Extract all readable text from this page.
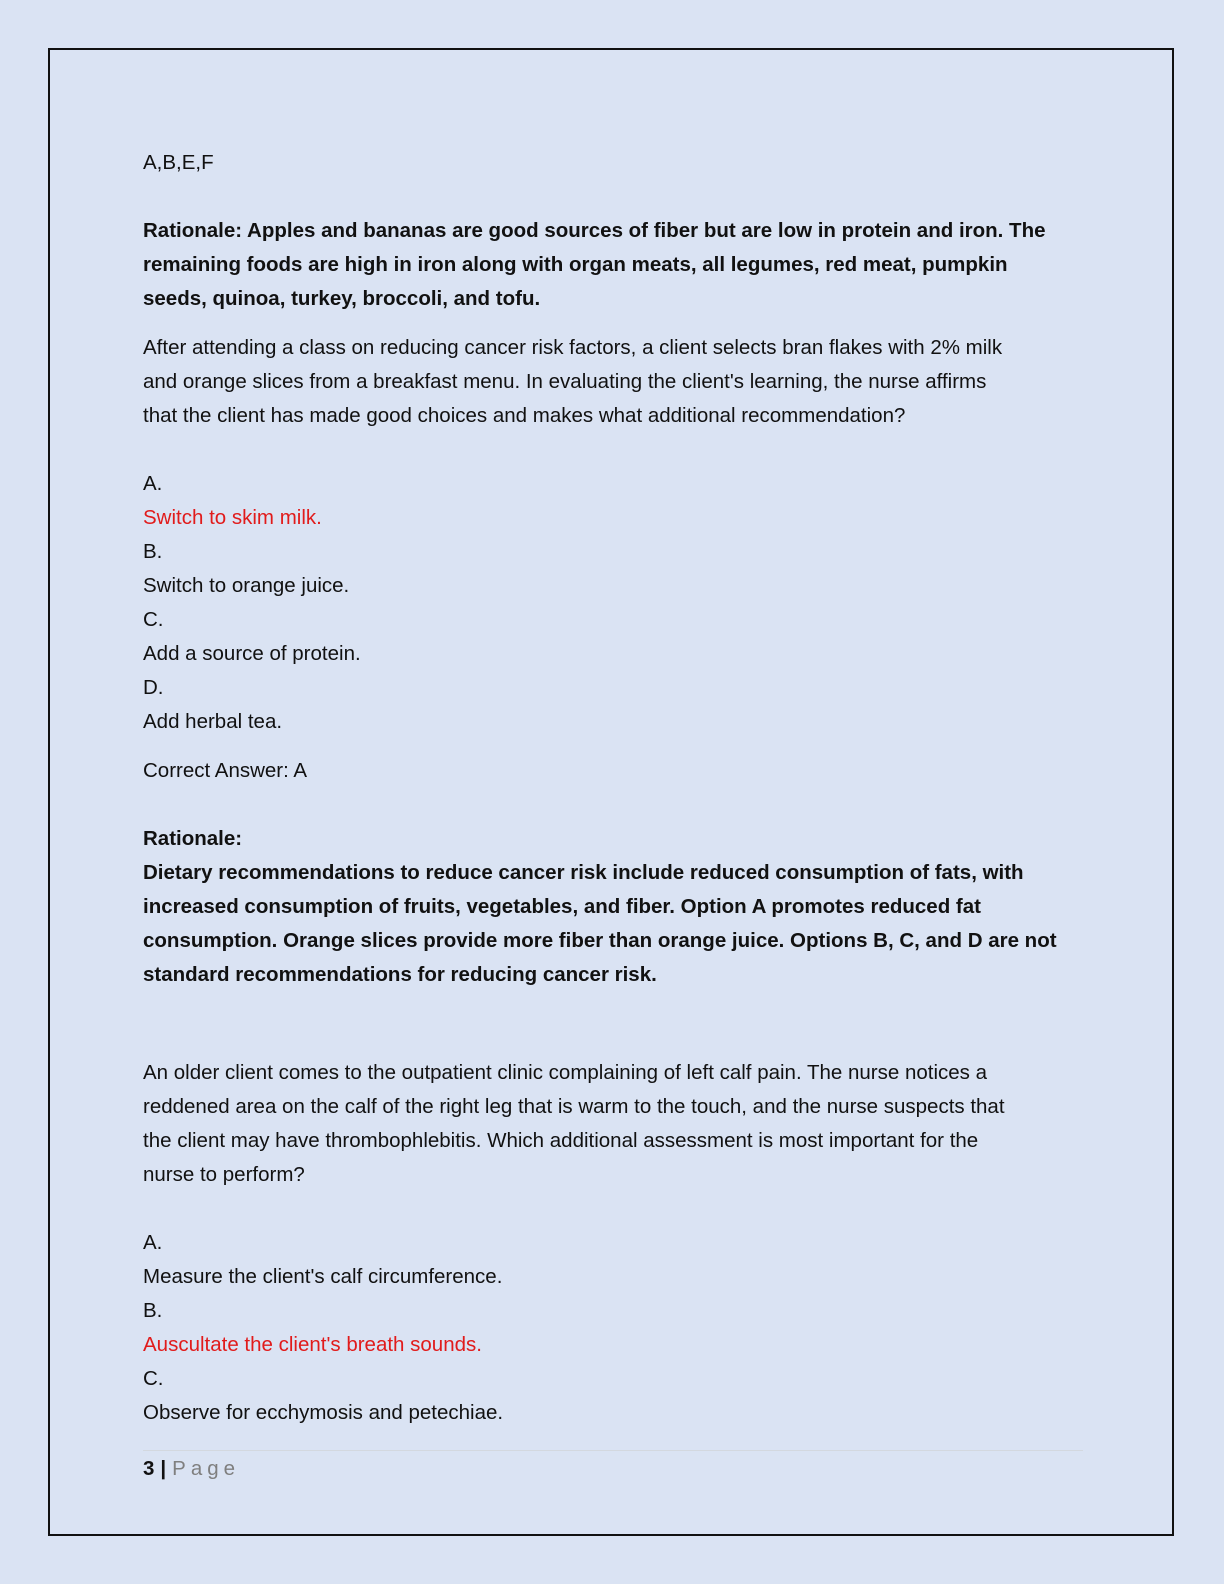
A,B,E,F

Rationale: Apples and bananas are good sources of fiber but are low in protein and iron. The

remaining foods are high in iron along with organ meats, all legumes, red meat, pumpkin

seeds, quinoa, turkey, broccoli, and tofu.

After attending a class on reducing cancer risk factors, a client selects bran flakes with 2% milk

and orange slices from a breakfast menu. In evaluating the client's learning, the nurse affirms

that the client has made good choices and makes what additional recommendation?

A.

Switch to skim milk.

B.

Switch to orange juice.

C.

Add a source of protein.

D.

Add herbal tea.

Correct Answer: A

Rationale:

Dietary recommendations to reduce cancer risk include reduced consumption of fats, with

increased consumption of fruits, vegetables, and fiber. Option A promotes reduced fat

consumption. Orange slices provide more fiber than orange juice. Options B, C, and D are not

standard recommendations for reducing cancer risk.

An older client comes to the outpatient clinic complaining of left calf pain. The nurse notices a

reddened area on the calf of the right leg that is warm to the touch, and the nurse suspects that

the client may have thrombophlebitis. Which additional assessment is most important for the

nurse to perform?

A.

Measure the client's calf circumference.

B.

Auscultate the client's breath sounds.

C.

Observe for ecchymosis and petechiae.

3 | Page
